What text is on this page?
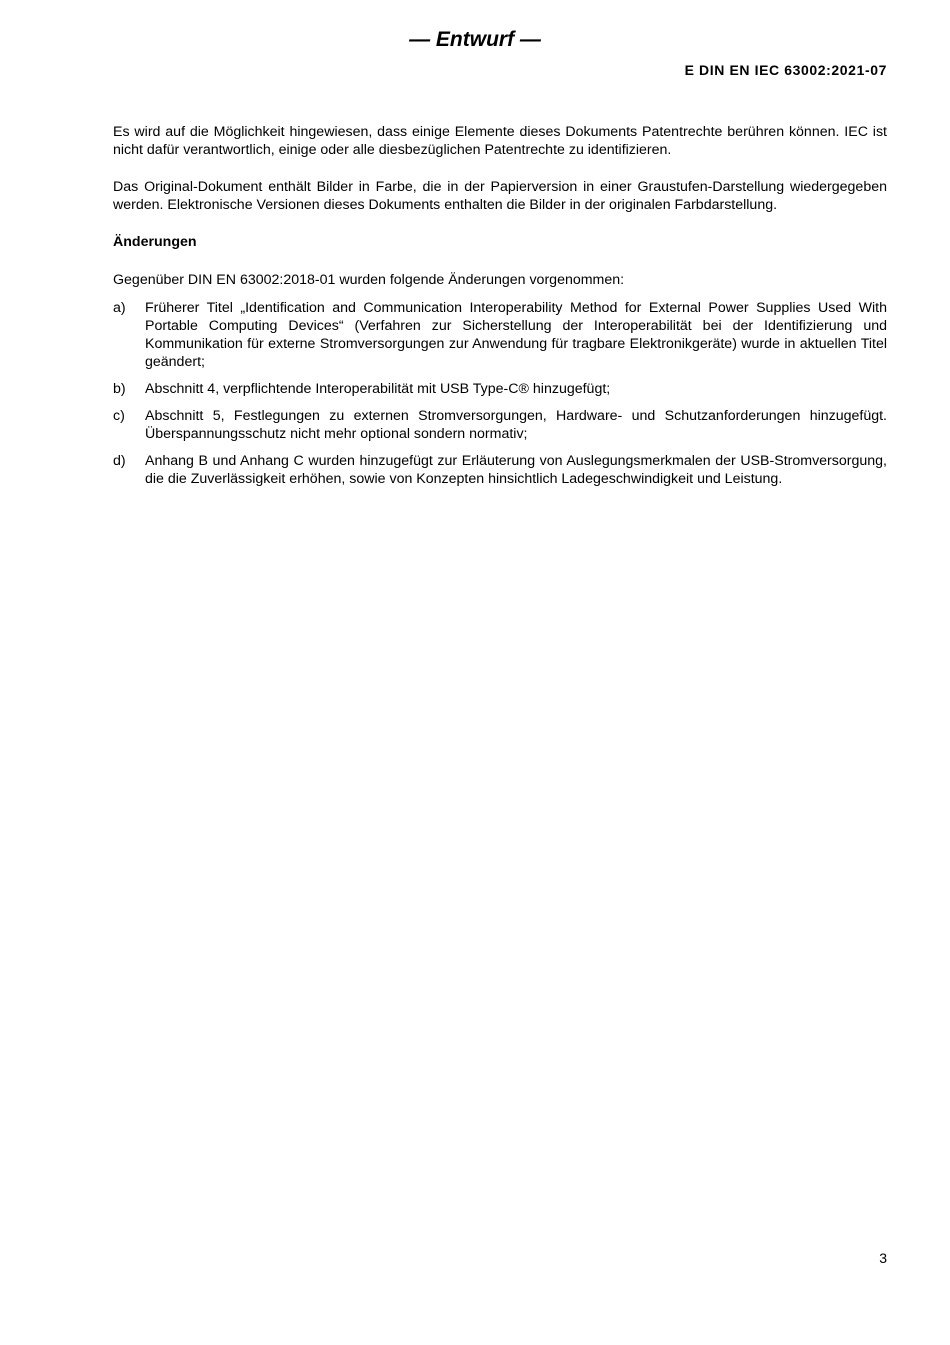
— Entwurf —
E DIN EN IEC 63002:2021-07

Es wird auf die Möglichkeit hingewiesen, dass einige Elemente dieses Dokuments Patentrechte berühren können. IEC ist nicht dafür verantwortlich, einige oder alle diesbezüglichen Patentrechte zu identifizieren.

Das Original-Dokument enthält Bilder in Farbe, die in der Papierversion in einer Graustufen-Darstellung wiedergegeben werden. Elektronische Versionen dieses Dokuments enthalten die Bilder in der originalen Farbdarstellung.

Änderungen

Gegenüber DIN EN 63002:2018-01 wurden folgende Änderungen vorgenommen:

a)	Früherer Titel „Identification and Communication Interoperability Method for External Power Supplies Used With Portable Computing Devices“ (Verfahren zur Sicherstellung der Interoperabilität bei der Identifizierung und Kommunikation für externe Stromversorgungen zur Anwendung für tragbare Elektronikgeräte) wurde in aktuellen Titel geändert;
b)	Abschnitt 4, verpflichtende Interoperabilität mit USB Type-C® hinzugefügt;
c)	Abschnitt 5, Festlegungen zu externen Stromversorgungen, Hardware- und Schutzanforderungen hinzugefügt. Überspannungsschutz nicht mehr optional sondern normativ;
d)	Anhang B und Anhang C wurden hinzugefügt zur Erläuterung von Auslegungsmerkmalen der USB-Stromversorgung, die die Zuverlässigkeit erhöhen, sowie von Konzepten hinsichtlich Ladegeschwindigkeit und Leistung.
3
